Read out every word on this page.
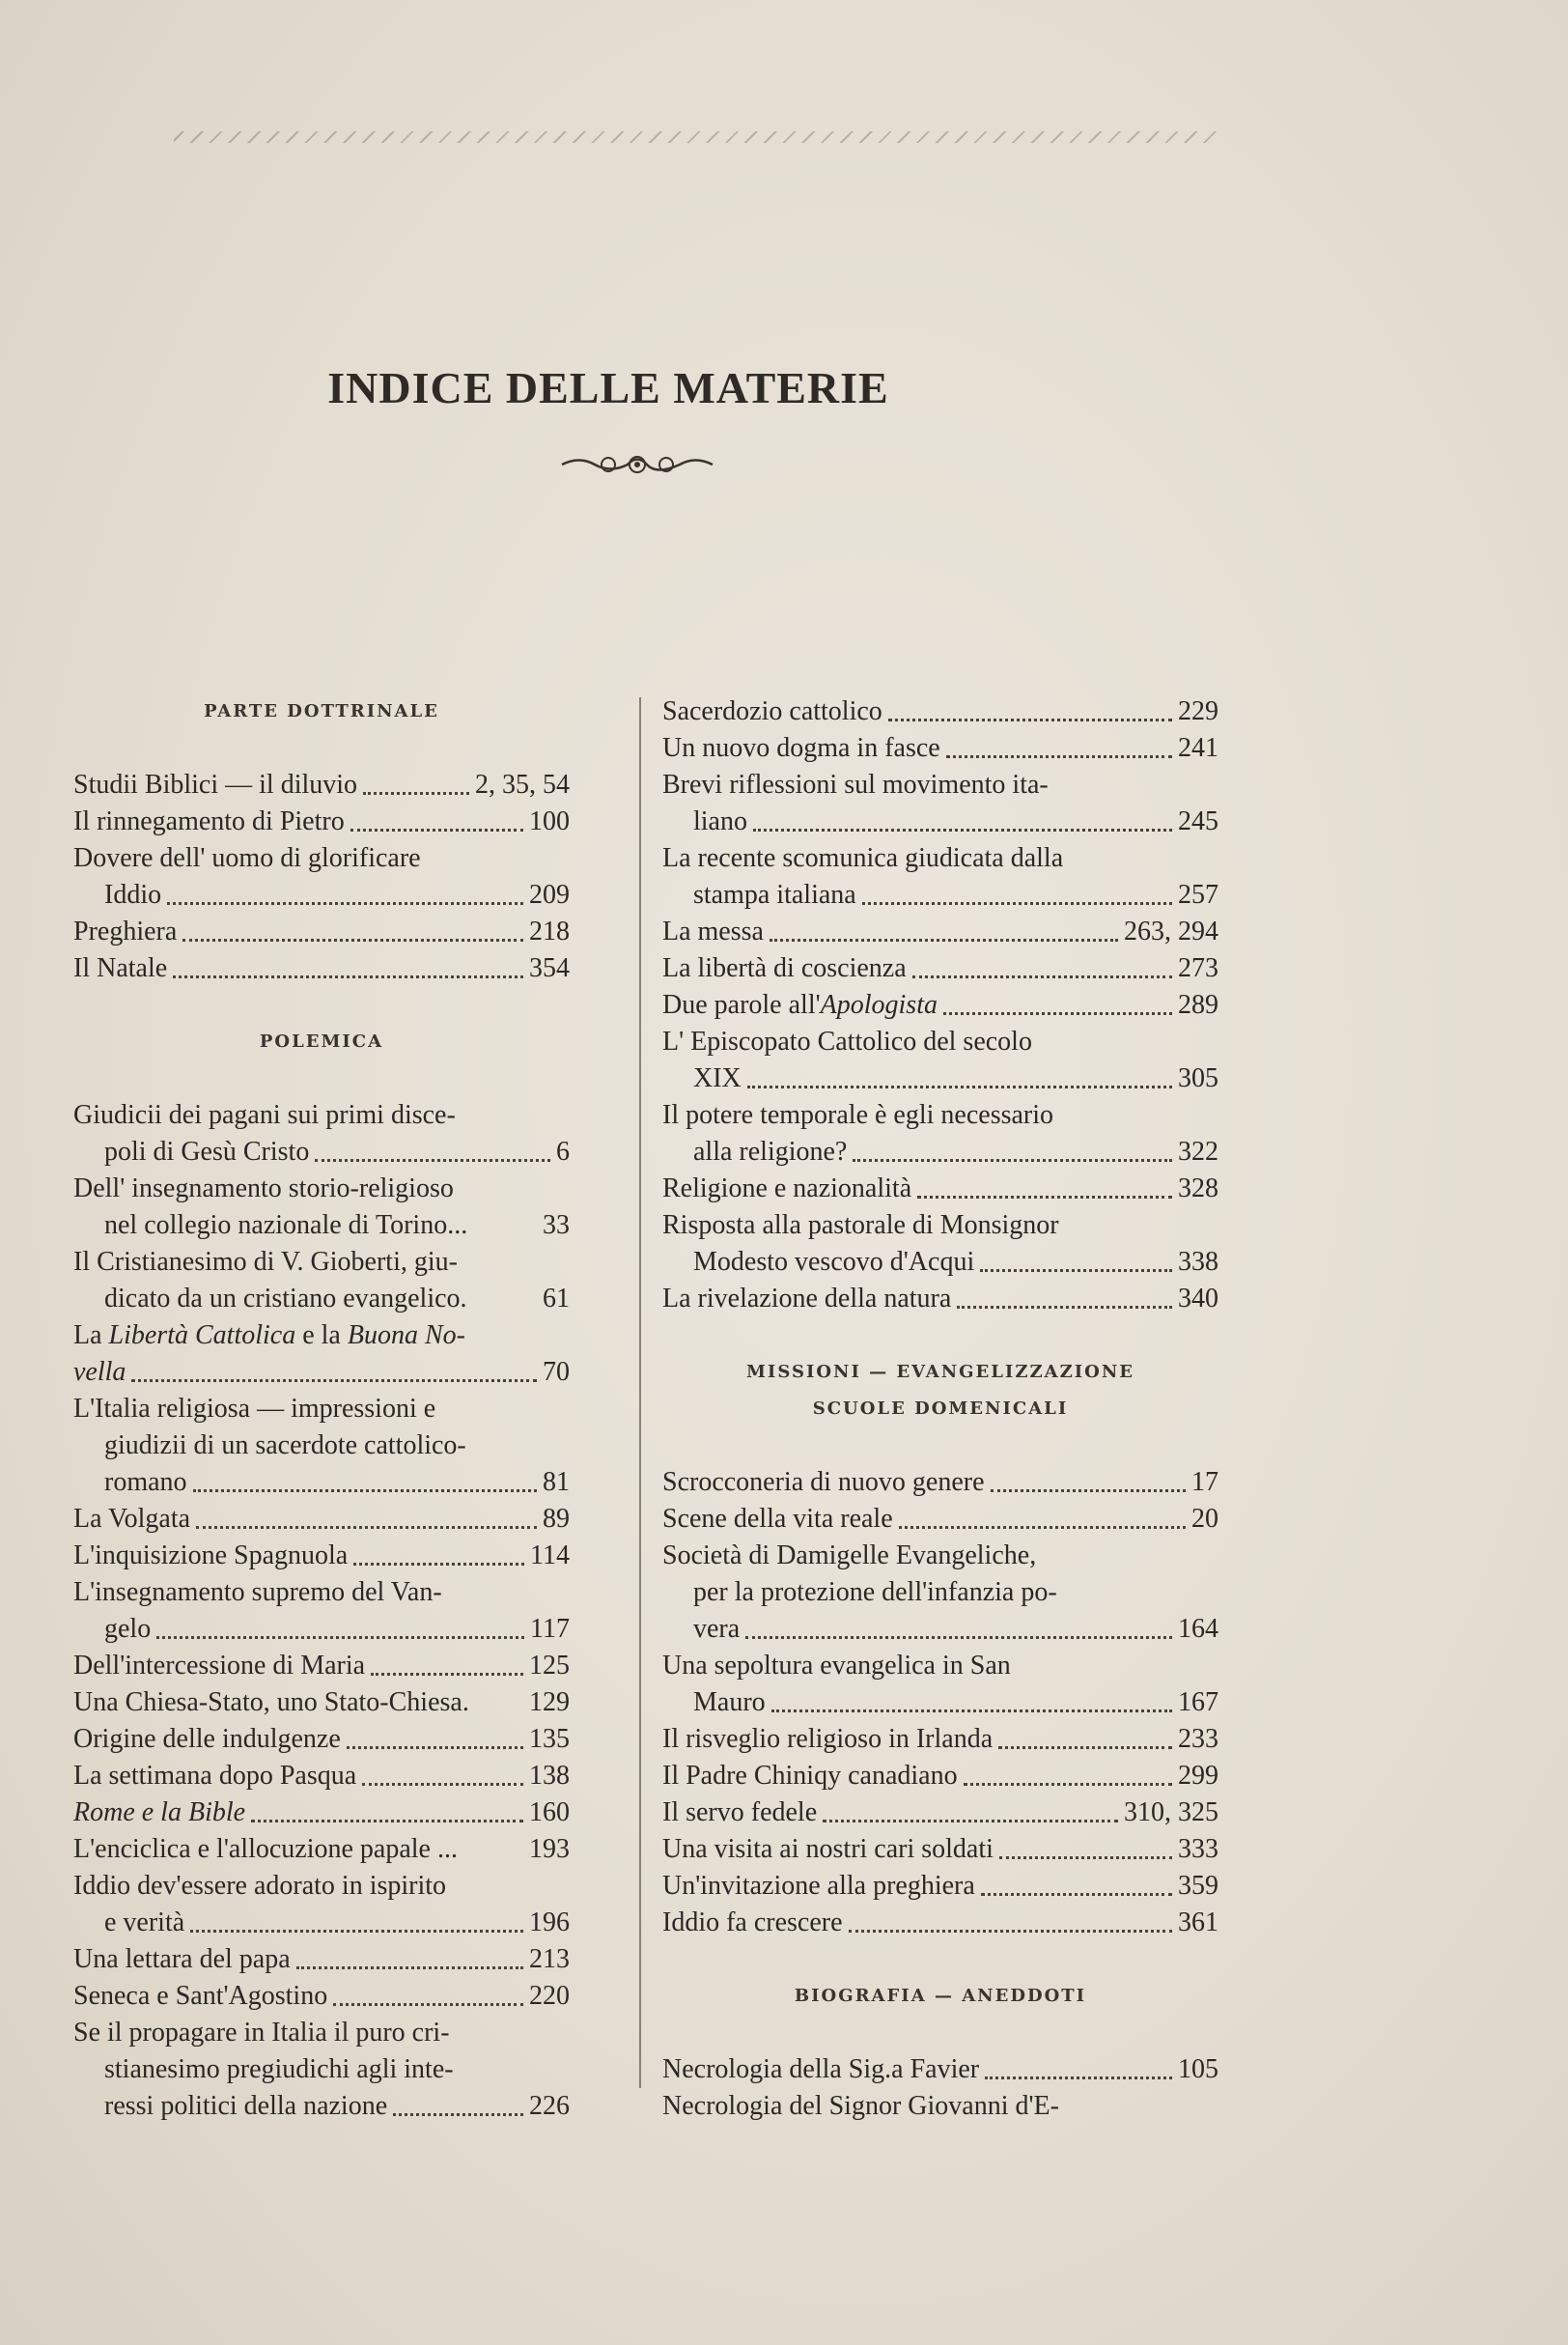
INDICE DELLE MATERIE
PARTE DOTTRINALE
Studii Biblici — il diluvio	2, 35, 54
Il rinnegamento di Pietro	100
Dovere dell' uomo di glorificare
Iddio	209
Preghiera	218
Il Natale	354
POLEMICA
Giudicii dei pagani sui primi disce-
poli di Gesù Cristo	6
Dell' insegnamento storio-religioso
nel collegio nazionale di Torino...	33
Il Cristianesimo di V. Gioberti, giu-
dicato da un cristiano evangelico.	61
La Libertà Cattolica e la Buona No-
vella	70
L'Italia religiosa — impressioni e
giudizii di un sacerdote cattolico-
romano	81
La Volgata	89
L'inquisizione Spagnuola	114
L'insegnamento supremo del Van-
gelo	117
Dell'intercessione di Maria	125
Una Chiesa-Stato, uno Stato-Chiesa. 129
Origine delle indulgenze	135
La settimana dopo Pasqua	138
Rome e la Bible	160
L'enciclica e l'allocuzione papale ...	193
Iddio dev'essere adorato in ispirito
e verità	196
Una lettara del papa	213
Seneca e Sant'Agostino	220
Se il propagare in Italia il puro cri-
stianesimo pregiudichi agli inte-
ressi politici della nazione	226
Sacerdozio cattolico	229
Un nuovo dogma in fasce	241
Brevi riflessioni sul movimento ita-
liano	245
La recente scomunica giudicata dalla
stampa italiana	257
La messa	263, 294
La libertà di coscienza	273
Due parole all'Apologista	289
L' Episcopato Cattolico del secolo
XIX	305
Il potere temporale è egli necessario
alla religione?	322
Religione e nazionalità	328
Risposta alla pastorale di Monsignor
Modesto vescovo d'Acqui	338
La rivelazione della natura	340
MISSIONI — EVANGELIZZAZIONE
SCUOLE DOMENICALI
Scrocconeria di nuovo genere	17
Scene della vita reale	20
Società di Damigelle Evangeliche,
per la protezione dell'infanzia po-
vera	164
Una sepoltura evangelica in San
Mauro	167
Il risveglio religioso in Irlanda	233
Il Padre Chiniqy canadiano	299
Il servo fedele	310, 325
Una visita ai nostri cari soldati	333
Un'invitazione alla preghiera	359
Iddio fa crescere	361
BIOGRAFIA — ANEDDOTI
Necrologia della Sig.a Favier	105
Necrologia del Signor Giovanni d'E-
